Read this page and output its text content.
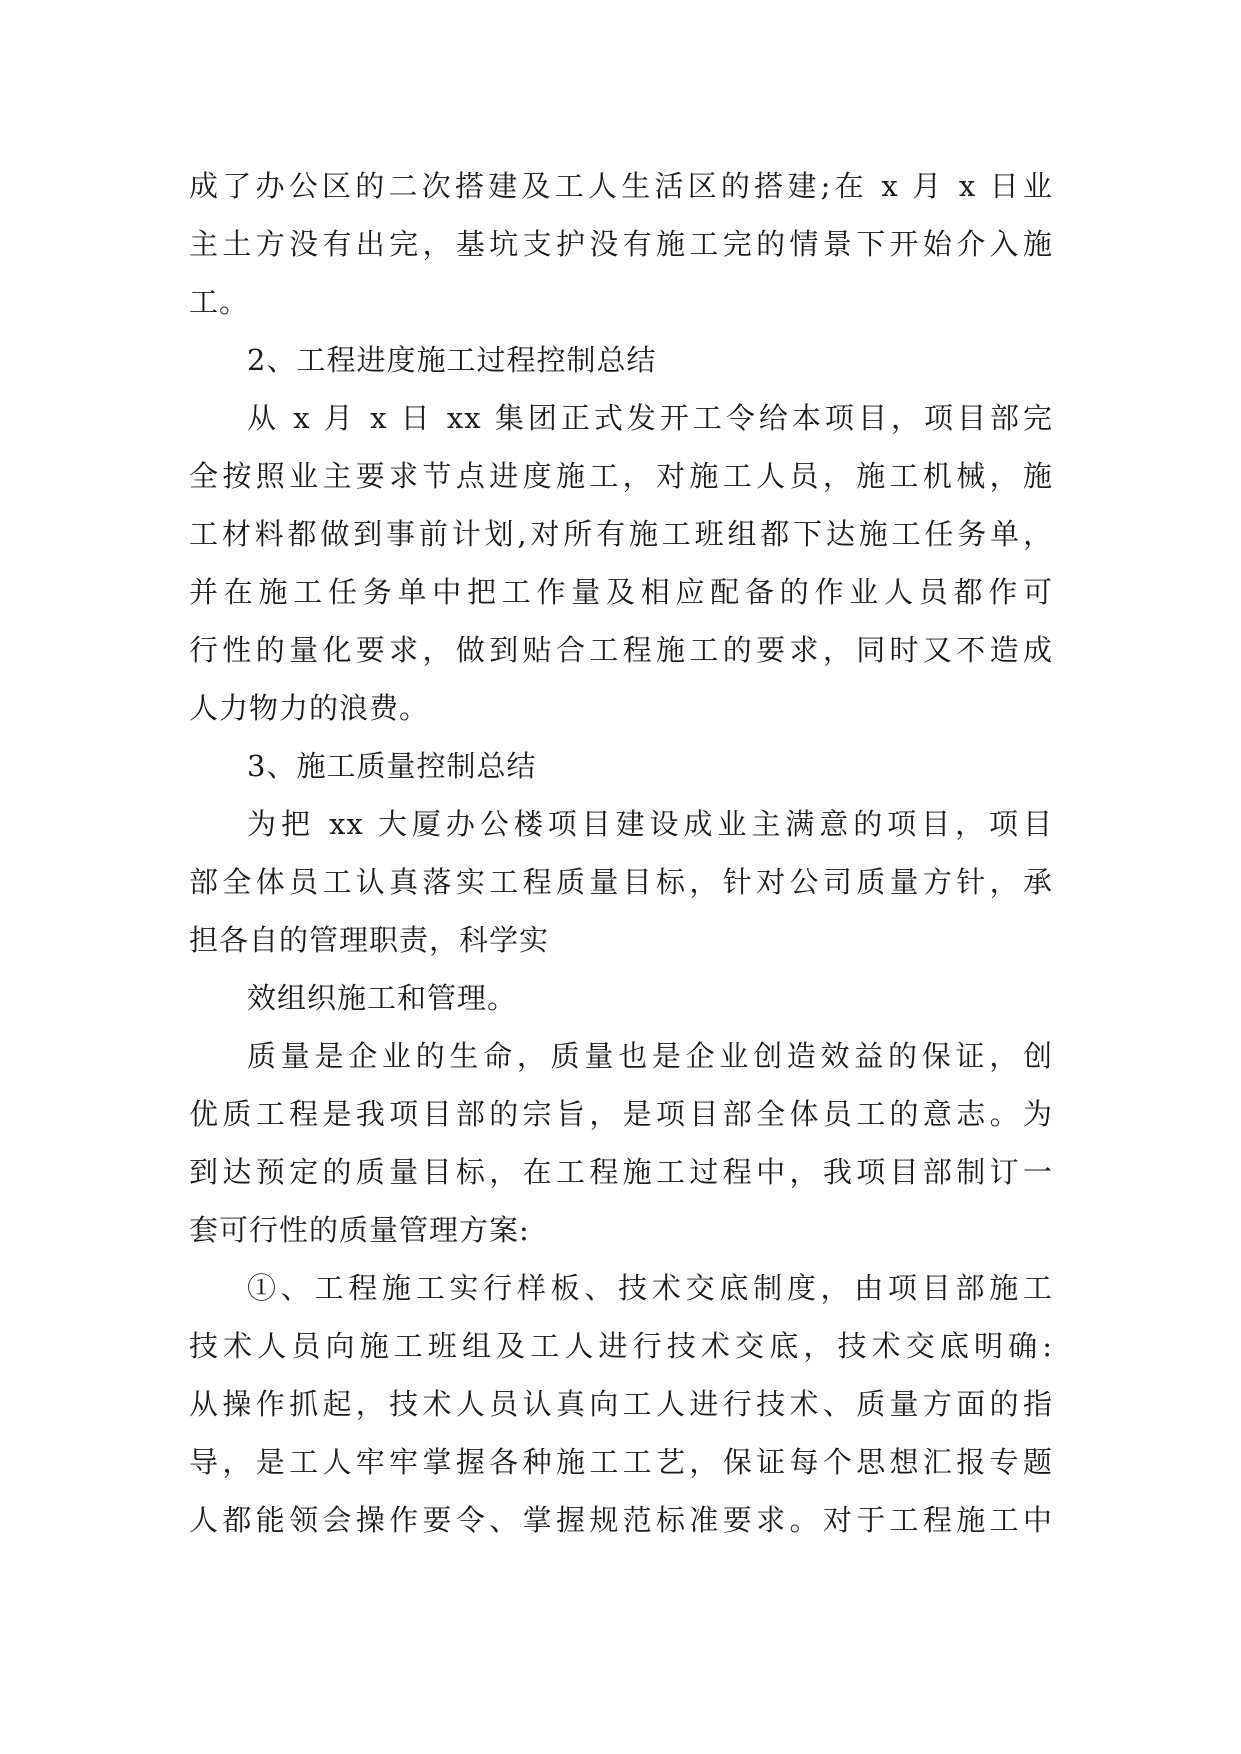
成了办公区的二次搭建及工人生活区的搭建;在 x 月 x 日业
主土方没有出完，基坑支护没有施工完的情景下开始介入施
工。
2、工程进度施工过程控制总结
从 x 月 x 日 xx 集团正式发开工令给本项目，项目部完
全按照业主要求节点进度施工，对施工人员，施工机械，施
工材料都做到事前计划,对所有施工班组都下达施工任务单，
并在施工任务单中把工作量及相应配备的作业人员都作可
行性的量化要求，做到贴合工程施工的要求，同时又不造成
人力物力的浪费。
3、施工质量控制总结
为把 xx 大厦办公楼项目建设成业主满意的项目，项目
部全体员工认真落实工程质量目标，针对公司质量方针，承
担各自的管理职责，科学实
效组织施工和管理。
质量是企业的生命，质量也是企业创造效益的保证，创
优质工程是我项目部的宗旨，是项目部全体员工的意志。为
到达预定的质量目标，在工程施工过程中，我项目部制订一
套可行性的质量管理方案:
①、工程施工实行样板、技术交底制度，由项目部施工
技术人员向施工班组及工人进行技术交底，技术交底明确:
从操作抓起，技术人员认真向工人进行技术、质量方面的指
导，是工人牢牢掌握各种施工工艺，保证每个思想汇报专题
人都能领会操作要令、掌握规范标准要求。对于工程施工中
